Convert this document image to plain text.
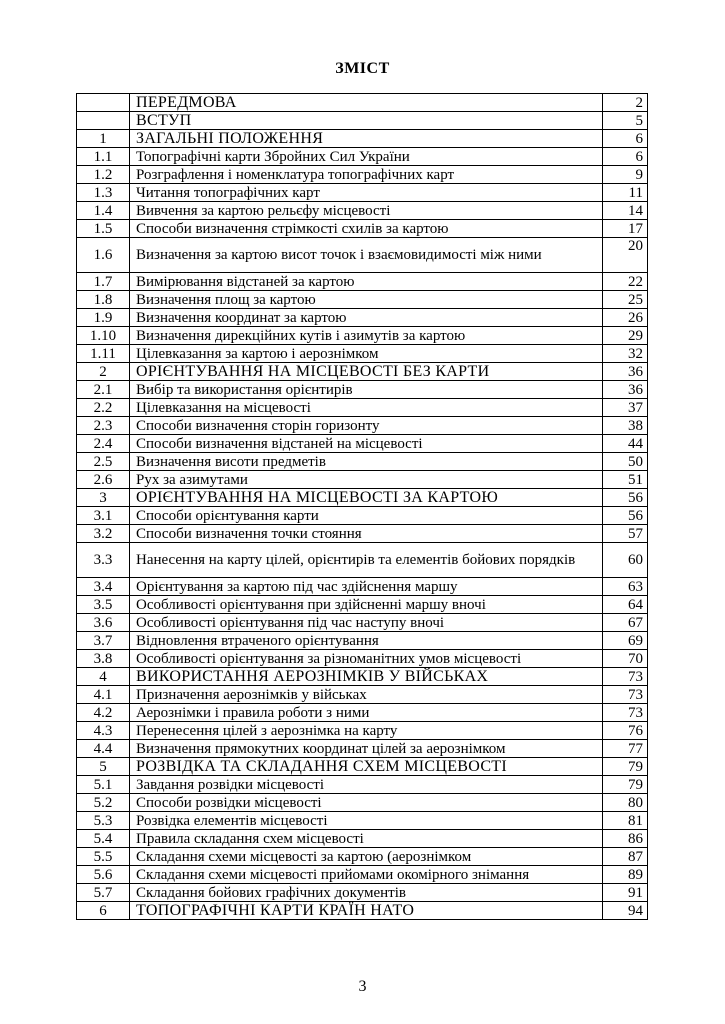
ЗМІСТ
	ПЕРЕДМОВА	2
	ВСТУП	5
1	ЗАГАЛЬНІ ПОЛОЖЕННЯ	6
1.1	Топографічні карти Збройних Сил України	6
1.2	Розграфлення і номенклатура топографічних карт	9
1.3	Читання топографічних карт	11
1.4	Вивчення за картою рельєфу місцевості	14
1.5	Способи визначення стрімкості схилів за картою	17
1.6	Визначення за картою висот точок і взаємовидимості між ними	20
1.7	Вимірювання відстаней за картою	22
1.8	Визначення площ за картою	25
1.9	Визначення координат за картою	26
1.10	Визначення дирекційних кутів і азимутів за картою	29
1.11	Цілевказання за картою і аерознімком	32
2	ОРІЄНТУВАННЯ НА МІСЦЕВОСТІ БЕЗ КАРТИ	36
2.1	Вибір та використання орієнтирів	36
2.2	Цілевказання на місцевості	37
2.3	Способи визначення сторін горизонту	38
2.4	Способи визначення відстаней на місцевості	44
2.5	Визначення висоти предметів	50
2.6	Рух за азимутами	51
3	ОРІЄНТУВАННЯ НА МІСЦЕВОСТІ ЗА КАРТОЮ	56
3.1	Способи орієнтування карти	56
3.2	Способи визначення точки стояння	57
3.3	Нанесення на карту цілей, орієнтирів та елементів бойових порядків	60
3.4	Орієнтування за картою під час здійснення маршу	63
3.5	Особливості орієнтування при здійсненні маршу вночі	64
3.6	Особливості орієнтування під час наступу вночі	67
3.7	Відновлення втраченого орієнтування	69
3.8	Особливості орієнтування за різноманітних умов місцевості	70
4	ВИКОРИСТАННЯ АЕРОЗНІМКІВ У ВІЙСЬКАХ	73
4.1	Призначення аерознімків у військах	73
4.2	Аерознімки і правила роботи з ними	73
4.3	Перенесення цілей з аерознімка на карту	76
4.4	Визначення прямокутних координат цілей за аерознімком	77
5	РОЗВІДКА ТА СКЛАДАННЯ СХЕМ МІСЦЕВОСТІ	79
5.1	Завдання розвідки місцевості	79
5.2	Способи розвідки місцевості	80
5.3	Розвідка елементів місцевості	81
5.4	Правила складання схем місцевості	86
5.5	Складання схеми місцевості за картою (аерознімком	87
5.6	Складання схеми місцевості прийомами окомірного знімання	89
5.7	Складання бойових графічних документів	91
6	ТОПОГРАФІЧНІ КАРТИ КРАЇН НАТО	94
3
